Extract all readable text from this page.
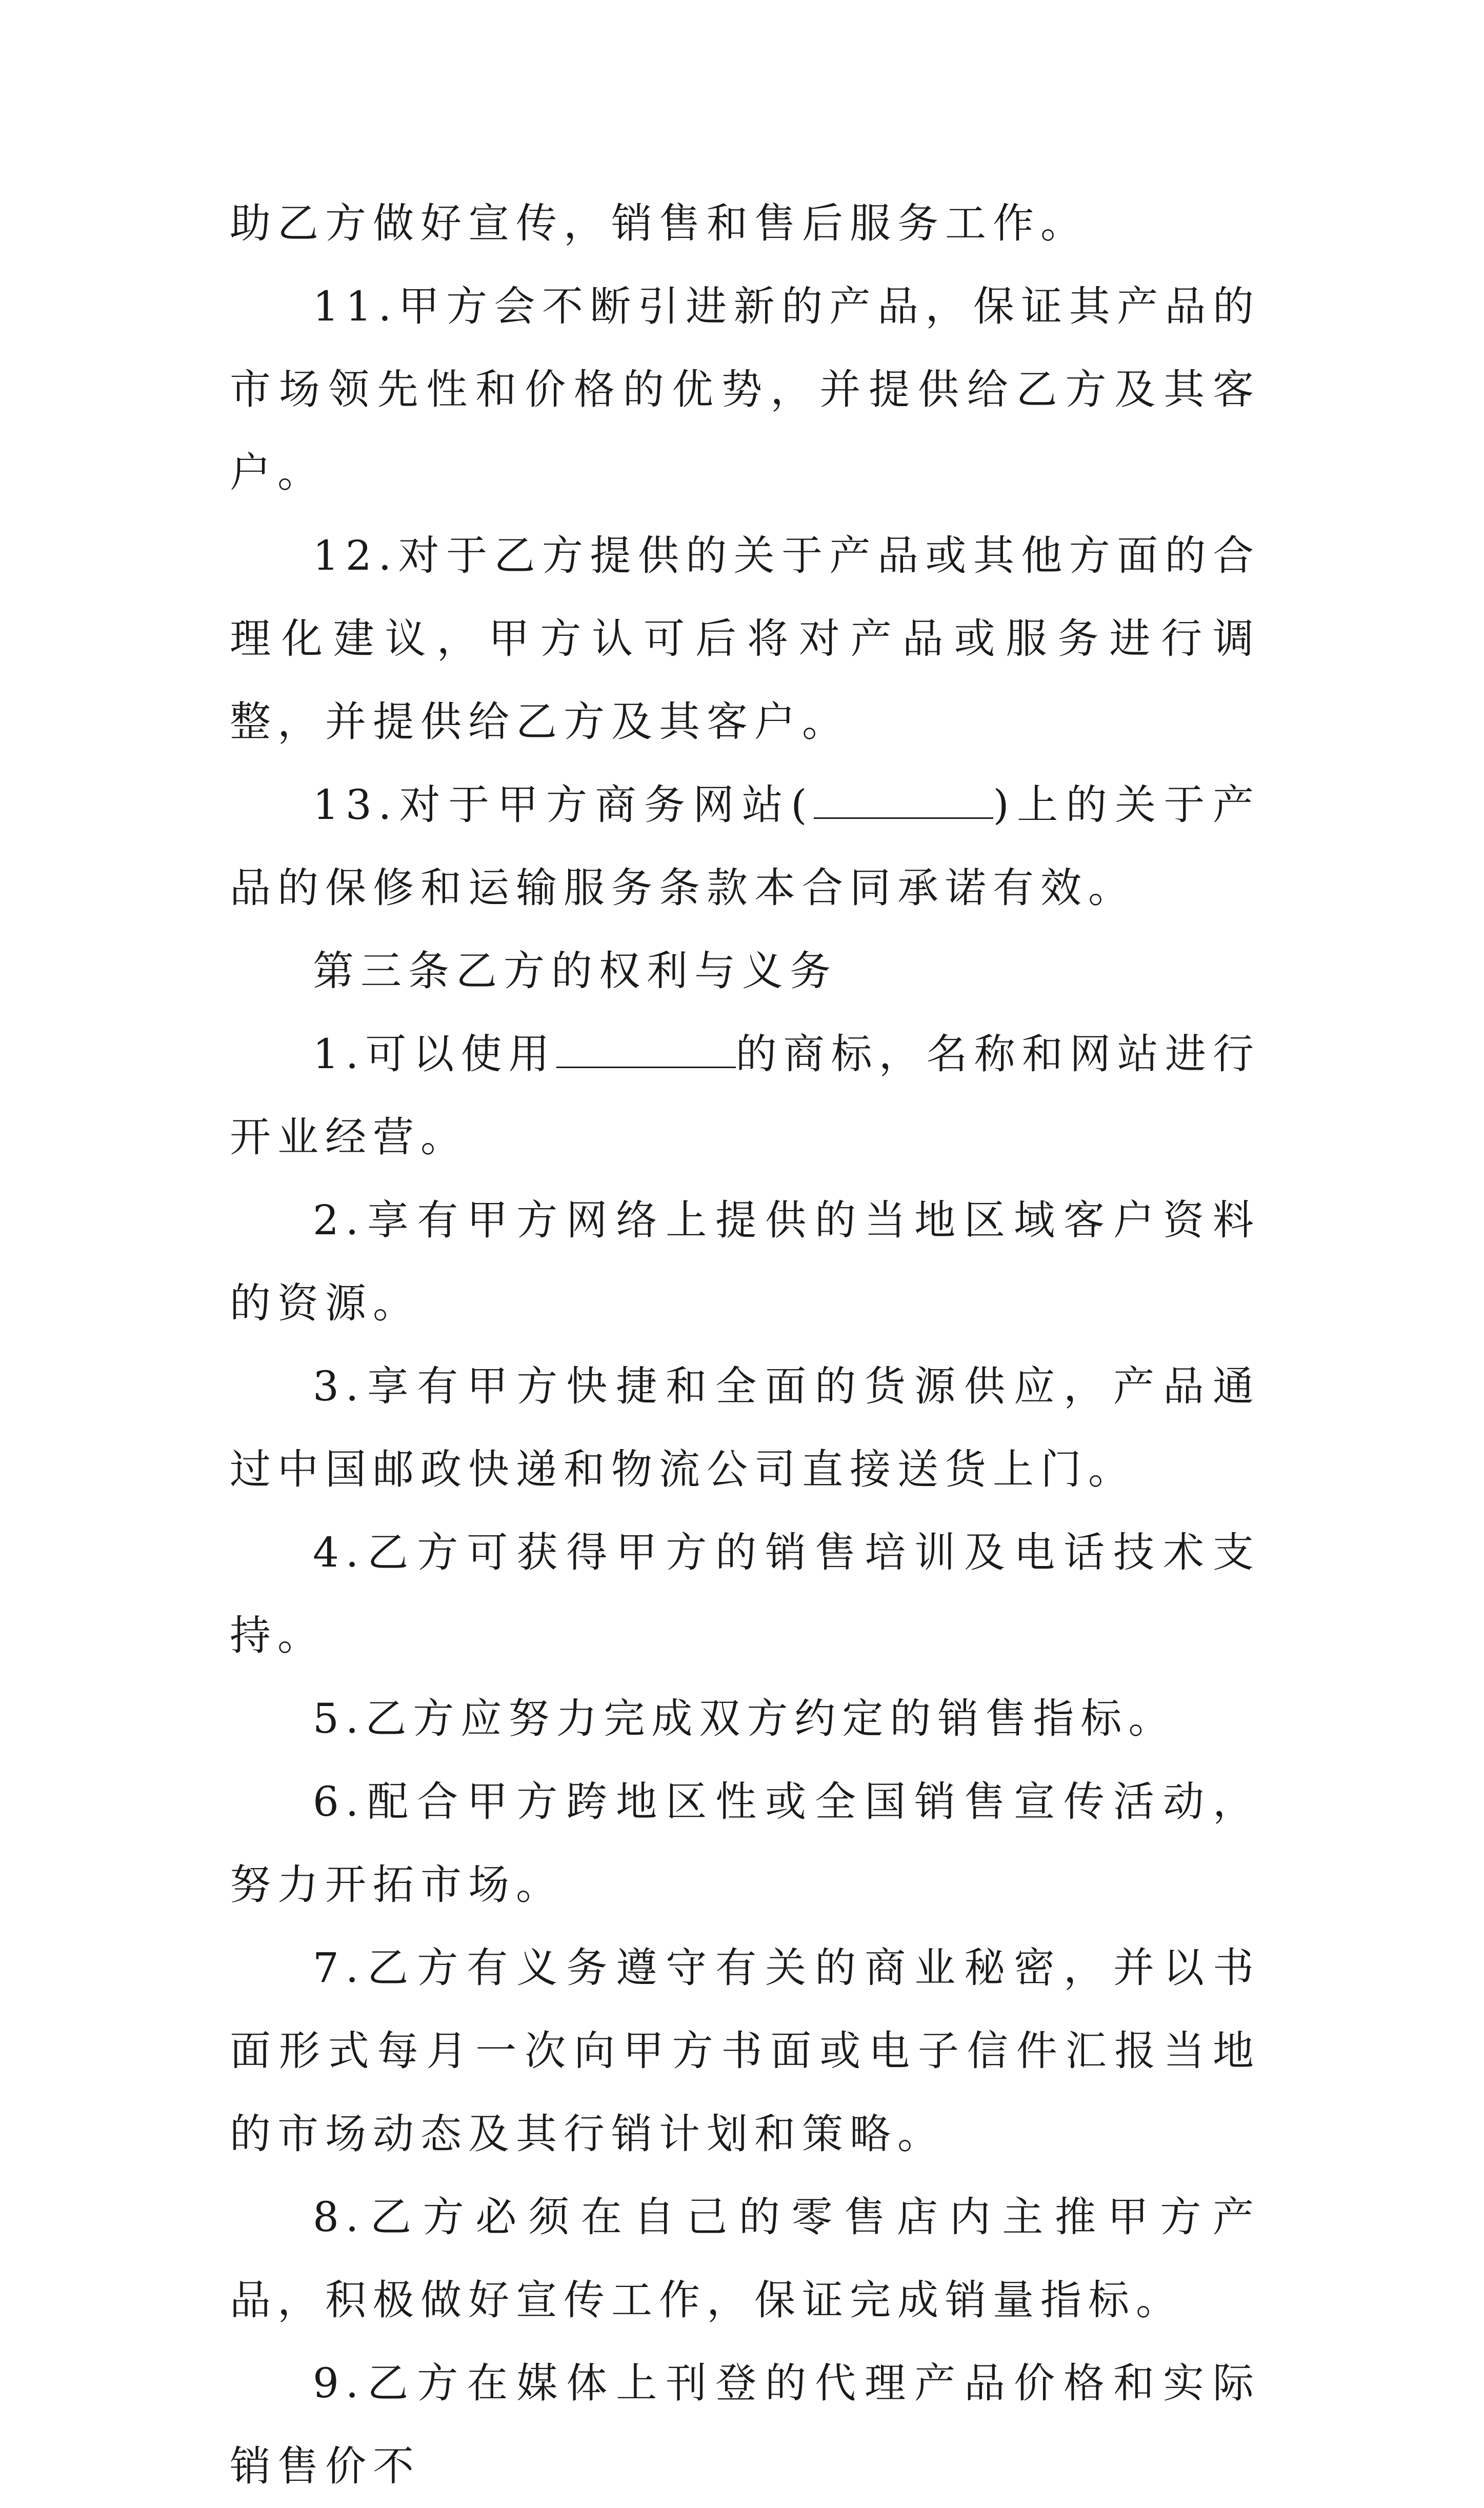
助乙方做好宣传，销售和售后服务工作。

11.甲方会不断引进新的产品，保证其产品的市场领先性和价格的优势，并提供给乙方及其客户。

12.对于乙方提供的关于产品或其他方面的合理化建议，甲方认可后将对产品或服务进行调整，并提供给乙方及其客户。

13.对于甲方商务网站(	)上的关于产品的保修和运输服务条款本合同承诺有效。

第三条乙方的权利与义务

1.可以使用	的商标，名称和网站进行开业经营。

2.享有甲方网络上提供的当地区域客户资料的资源。

3.享有甲方快捷和全面的货源供应，产品通过中国邮政快递和物流公司直接送货上门。

4.乙方可获得甲方的销售培训及电话技术支持。

5.乙方应努力完成双方约定的销售指标。

6.配合甲方跨地区性或全国销售宣传活动，努力开拓市场。

7.乙方有义务遵守有关的商业秘密，并以书面形式每月一次向甲方书面或电子信件汇报当地的市场动态及其行销计划和策略。

8.乙方必须在自己的零售店内主推甲方产品，积极做好宣传工作，保证完成销量指标。

9.乙方在媒体上刊登的代理产品价格和实际销售价不
